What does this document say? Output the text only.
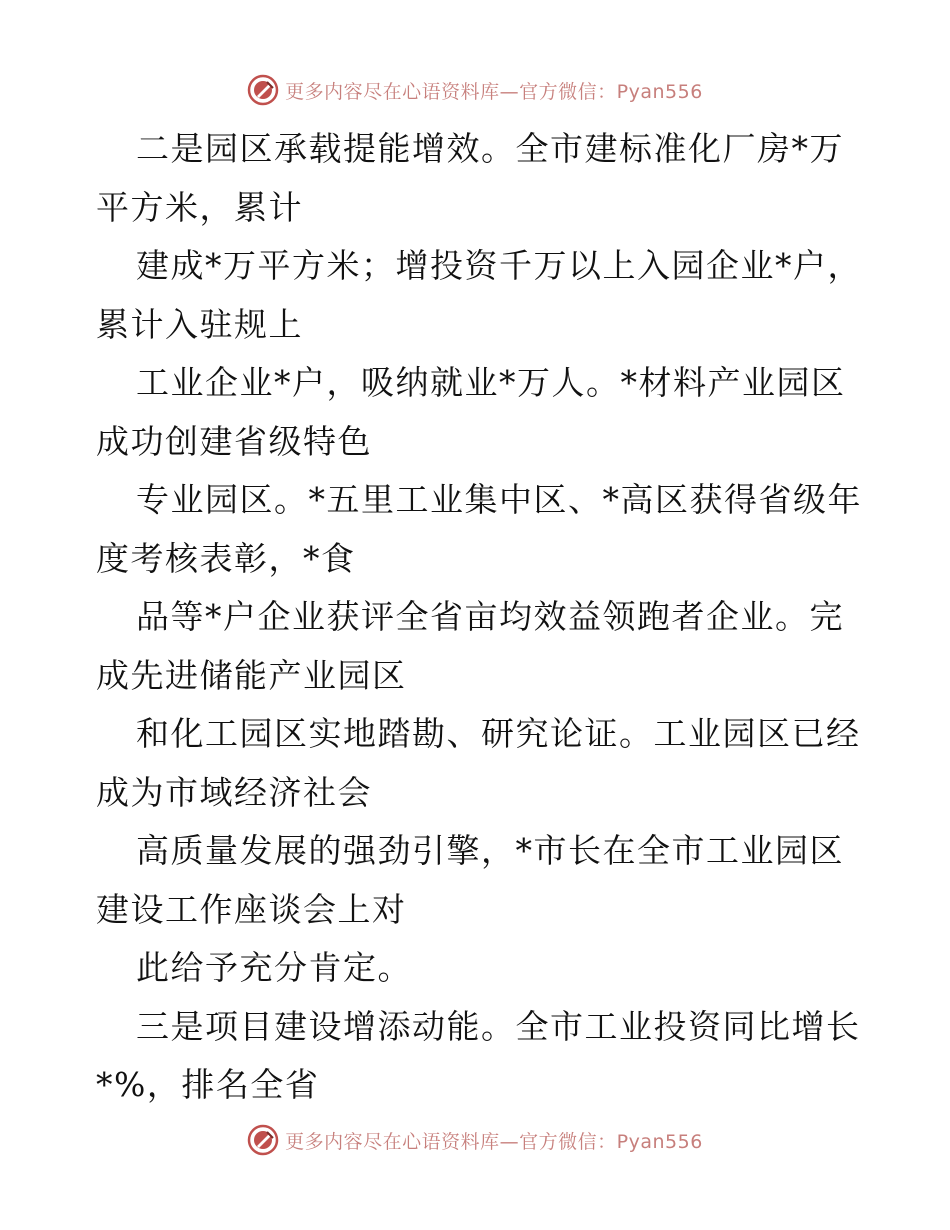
更多内容尽在心语资料库—官方微信：Pyan556
二是园区承载提能增效。全市建标准化厂房*万
平方米，累计
建成*万平方米；增投资千万以上入园企业*户，
累计入驻规上
工业企业*户，吸纳就业*万人。*材料产业园区
成功创建省级特色
专业园区。*五里工业集中区、*高区获得省级年
度考核表彰，*食
品等*户企业获评全省亩均效益领跑者企业。完
成先进储能产业园区
和化工园区实地踏勘、研究论证。工业园区已经
成为市域经济社会
高质量发展的强劲引擎，*市长在全市工业园区
建设工作座谈会上对
此给予充分肯定。
三是项目建设增添动能。全市工业投资同比增长
*%，排名全省
更多内容尽在心语资料库—官方微信：Pyan556
